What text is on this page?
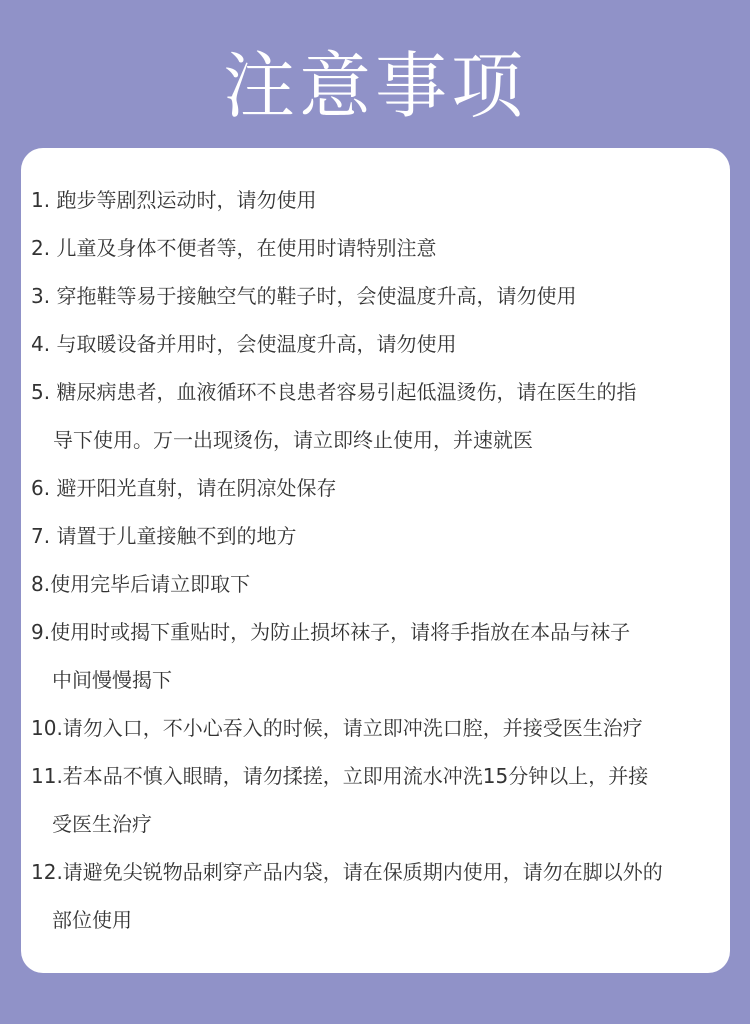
注意事项
1. 跑步等剧烈运动时，请勿使用
2. 儿童及身体不便者等，在使用时请特别注意
3. 穿拖鞋等易于接触空气的鞋子时，会使温度升高，请勿使用
4. 与取暖设备并用时，会使温度升高，请勿使用
5. 糖尿病患者，血液循环不良患者容易引起低温烫伤，请在医生的指
导下使用。万一出现烫伤，请立即终止使用，并速就医
6. 避开阳光直射，请在阴凉处保存
7. 请置于儿童接触不到的地方
8.使用完毕后请立即取下
9.使用时或揭下重贴时，为防止损坏袜子，请将手指放在本品与袜子
中间慢慢揭下
10.请勿入口，不小心吞入的时候，请立即冲洗口腔，并接受医生治疗
11.若本品不慎入眼睛，请勿揉搓，立即用流水冲洗15分钟以上，并接
受医生治疗
12.请避免尖锐物品刺穿产品内袋，请在保质期内使用，请勿在脚以外的
部位使用
